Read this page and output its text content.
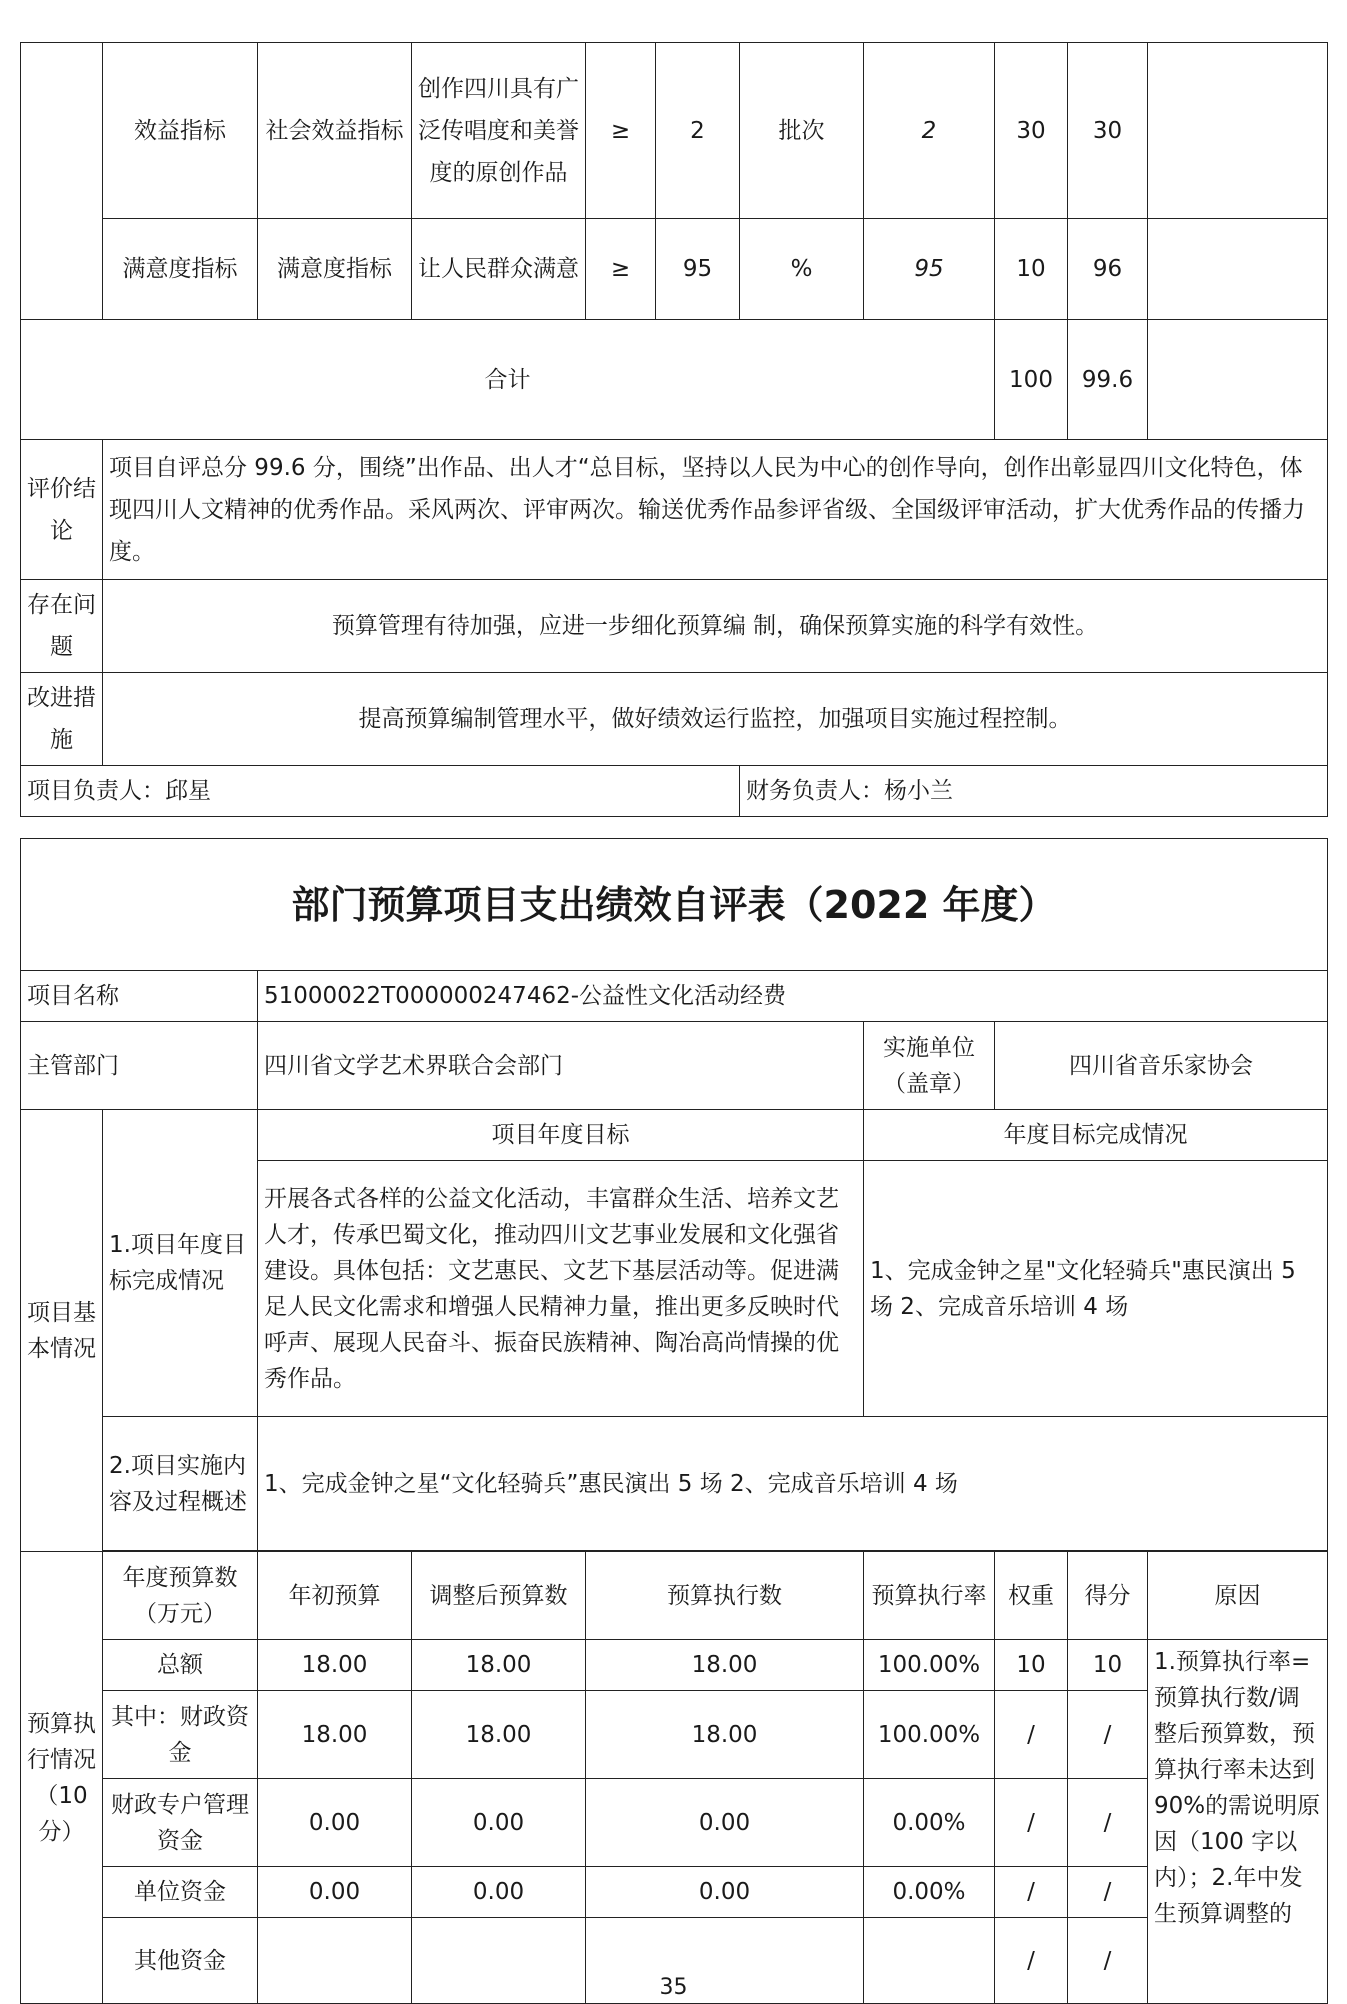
	效益指标	社会效益指标	创作四川具有广泛传唱度和美誉度的原创作品	≥	2	批次	2	30	30	
	满意度指标	满意度指标	让人民群众满意	≥	95	%	95	10	96	
合计								100	99.6	
评价结论	项目自评总分 99.6 分，围绕”出作品、出人才“总目标，坚持以人民为中心的创作导向，创作出彰显四川文化特色，体现四川人文精神的优秀作品。采风两次、评审两次。输送优秀作品参评省级、全国级评审活动，扩大优秀作品的传播力度。									
存在问题	预算管理有待加强，应进一步细化预算编 制，确保预算实施的科学有效性。									
改进措施	提高预算编制管理水平，做好绩效运行监控，加强项目实施过程控制。									
项目负责人：邱星						财务负责人：杨小兰				
部门预算项目支出绩效自评表（2022 年度）								
项目名称		51000022T000000247462-公益性文化活动经费						
主管部门		四川省文学艺术界联合会部门			实施单位（盖章）	四川省音乐家协会		
项目基本情况	1.项目年度目标完成情况	项目年度目标			年度目标完成情况			
		开展各式各样的公益文化活动，丰富群众生活、培养文艺人才，传承巴蜀文化，推动四川文艺事业发展和文化强省建设。具体包括：文艺惠民、文艺下基层活动等。促进满足人民文化需求和增强人民精神力量，推出更多反映时代呼声、展现人民奋斗、振奋民族精神、陶冶高尚情操的优秀作品。			1、完成金钟之星"文化轻骑兵"惠民演出 5 场 2、完成音乐培训 4 场			
	2.项目实施内容及过程概述	1、完成金钟之星“文化轻骑兵”惠民演出 5 场 2、完成音乐培训 4 场						

预算执行情况（10分）	年度预算数（万元）	年初预算	调整后预算数	预算执行数	预算执行率	权重	得分	原因
	总额	18.00	18.00	18.00	100.00%	10	10	1.预算执行率=预算执行数/调整后预算数，预算执行率未达到 90%的需说明原因（100 字以内）；2.年中发生预算调整的
	其中：财政资金	18.00	18.00	18.00	100.00%	/	/	
	财政专户管理资金	0.00	0.00	0.00	0.00%	/	/	
	单位资金	0.00	0.00	0.00	0.00%	/	/	
	其他资金					/	/	
35
